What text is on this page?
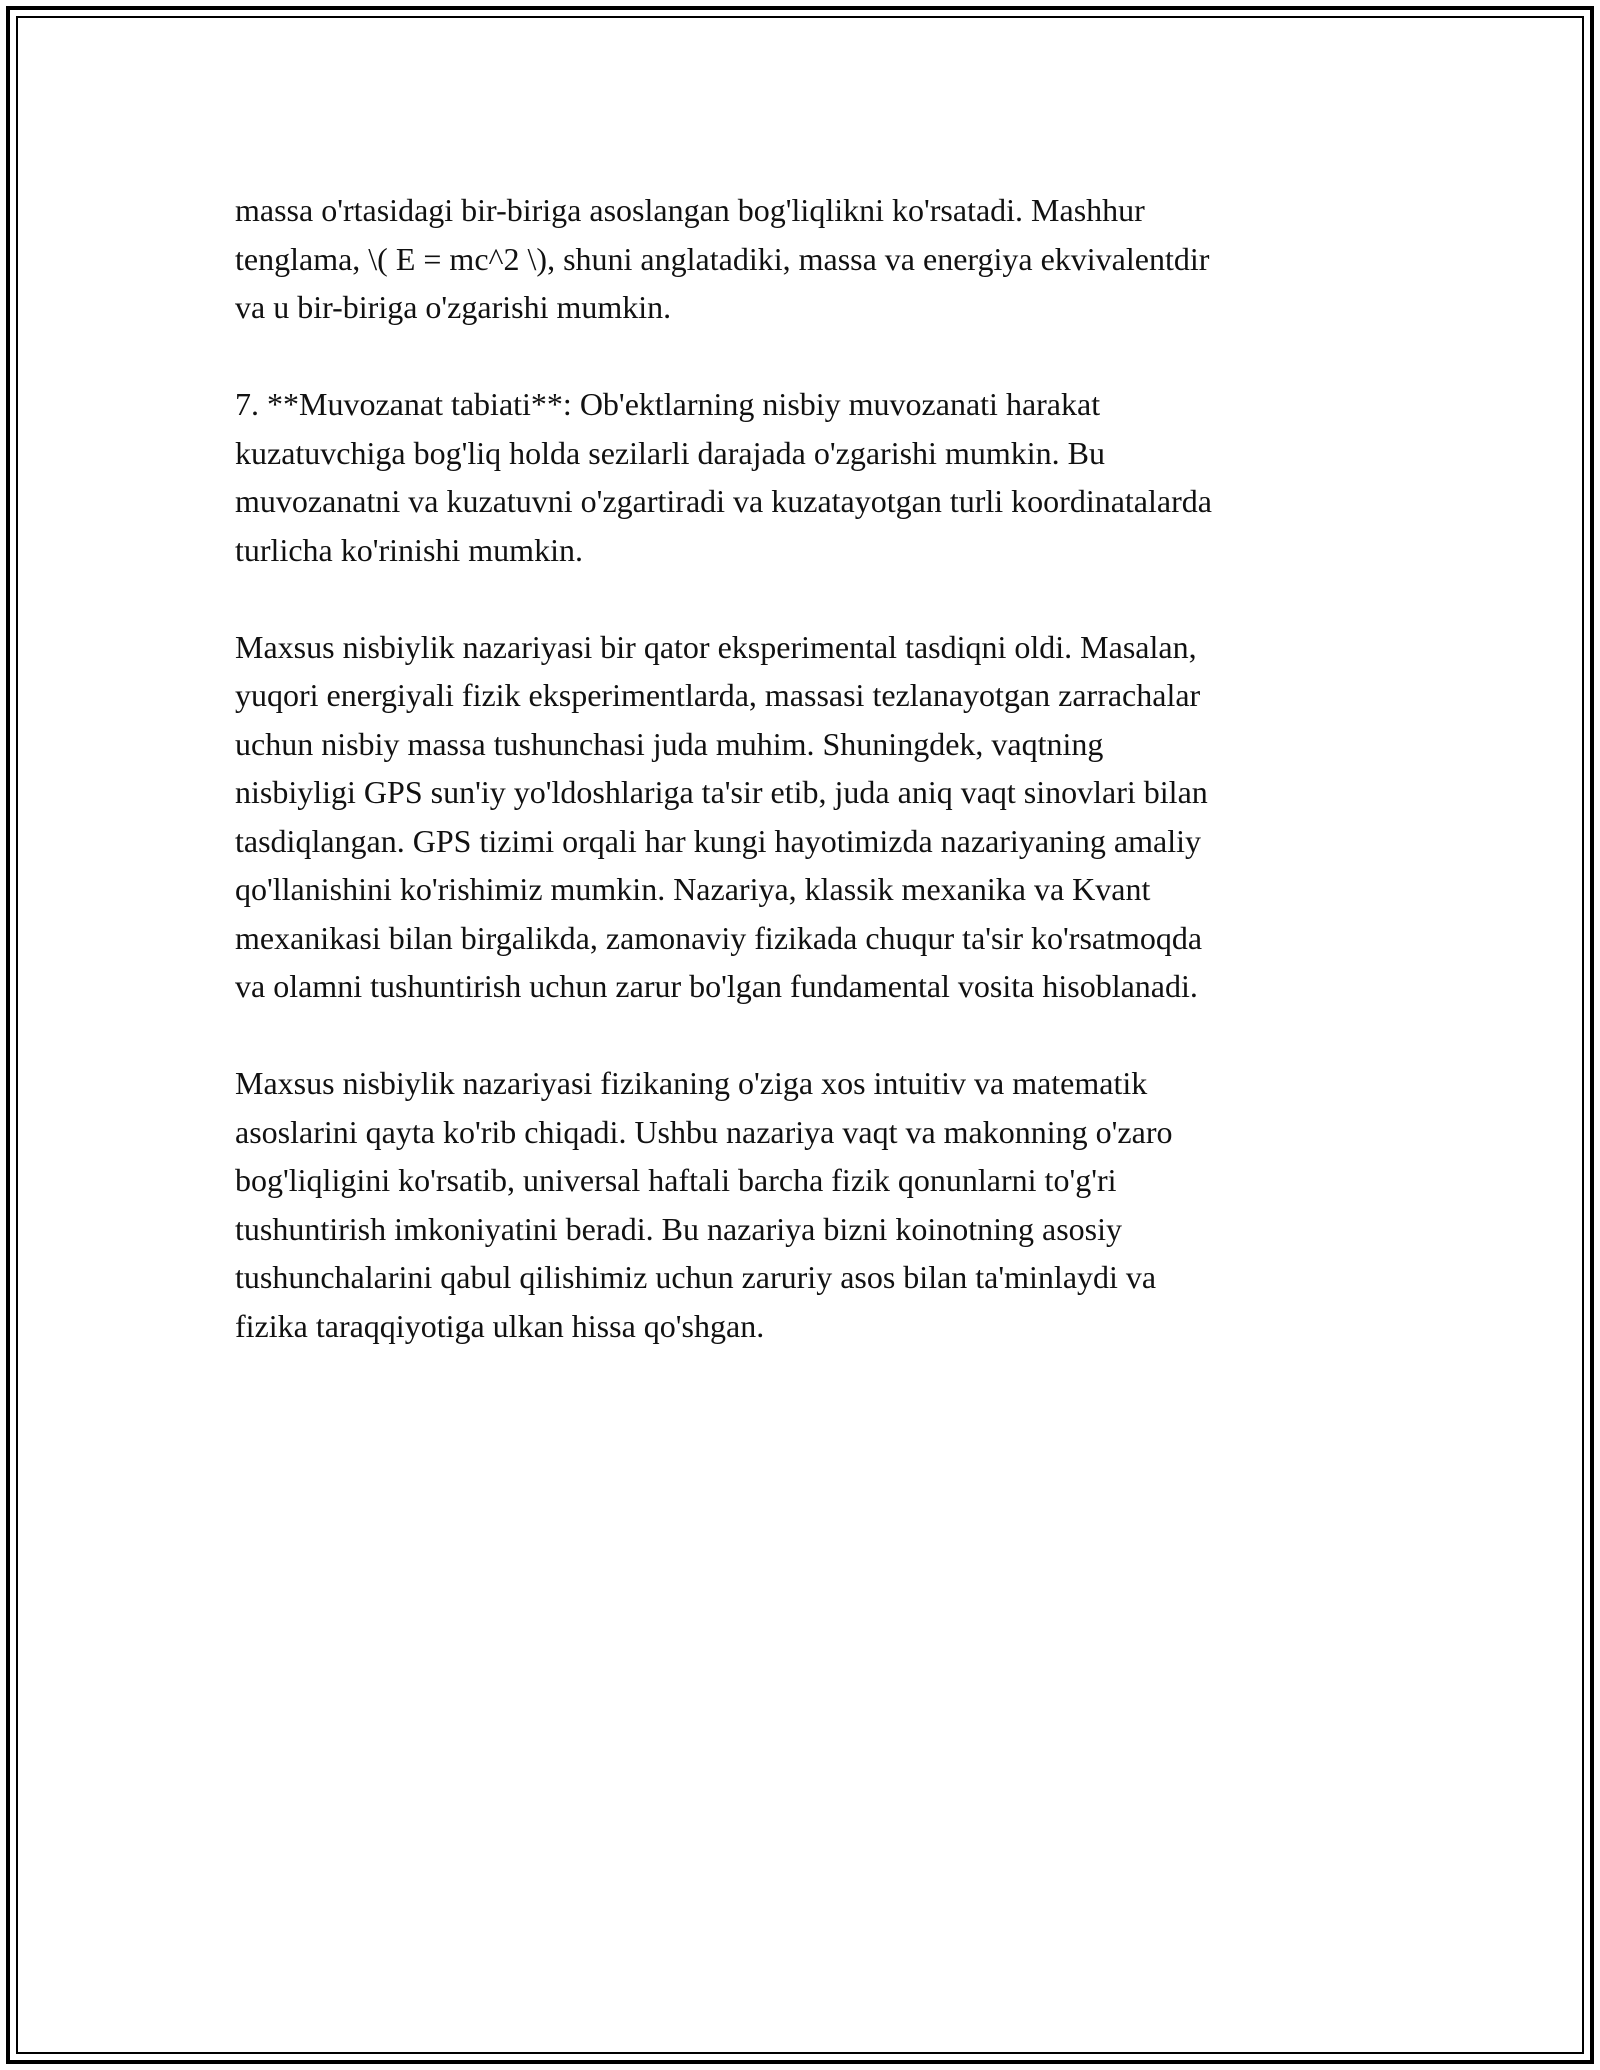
massa o'rtasidagi bir-biriga asoslangan bog'liqlikni ko'rsatadi. Mashhur
tenglama, \( E = mc^2 \), shuni anglatadiki, massa va energiya ekvivalentdir
va u bir-biriga o'zgarishi mumkin.

7. **Muvozanat tabiati**: Ob'ektlarning nisbiy muvozanati harakat
kuzatuvchiga bog'liq holda sezilarli darajada o'zgarishi mumkin. Bu
muvozanatni va kuzatuvni o'zgartiradi va kuzatayotgan turli koordinatalarda
turlicha ko'rinishi mumkin.

Maxsus nisbiylik nazariyasi bir qator eksperimental tasdiqni oldi. Masalan,
yuqori energiyali fizik eksperimentlarda, massasi tezlanayotgan zarrachalar
uchun nisbiy massa tushunchasi juda muhim. Shuningdek, vaqtning
nisbiyligi GPS sun'iy yo'ldoshlariga ta'sir etib, juda aniq vaqt sinovlari bilan
tasdiqlangan. GPS tizimi orqali har kungi hayotimizda nazariyaning amaliy
qo'llanishini ko'rishimiz mumkin. Nazariya, klassik mexanika va Kvant
mexanikasi bilan birgalikda, zamonaviy fizikada chuqur ta'sir ko'rsatmoqda
va olamni tushuntirish uchun zarur bo'lgan fundamental vosita hisoblanadi.

Maxsus nisbiylik nazariyasi fizikaning o'ziga xos intuitiv va matematik
asoslarini qayta ko'rib chiqadi. Ushbu nazariya vaqt va makonning o'zaro
bog'liqligini ko'rsatib, universal haftali barcha fizik qonunlarni to'g'ri
tushuntirish imkoniyatini beradi. Bu nazariya bizni koinotning asosiy
tushunchalarini qabul qilishimiz uchun zaruriy asos bilan ta'minlaydi va
fizika taraqqiyotiga ulkan hissa qo'shgan.
